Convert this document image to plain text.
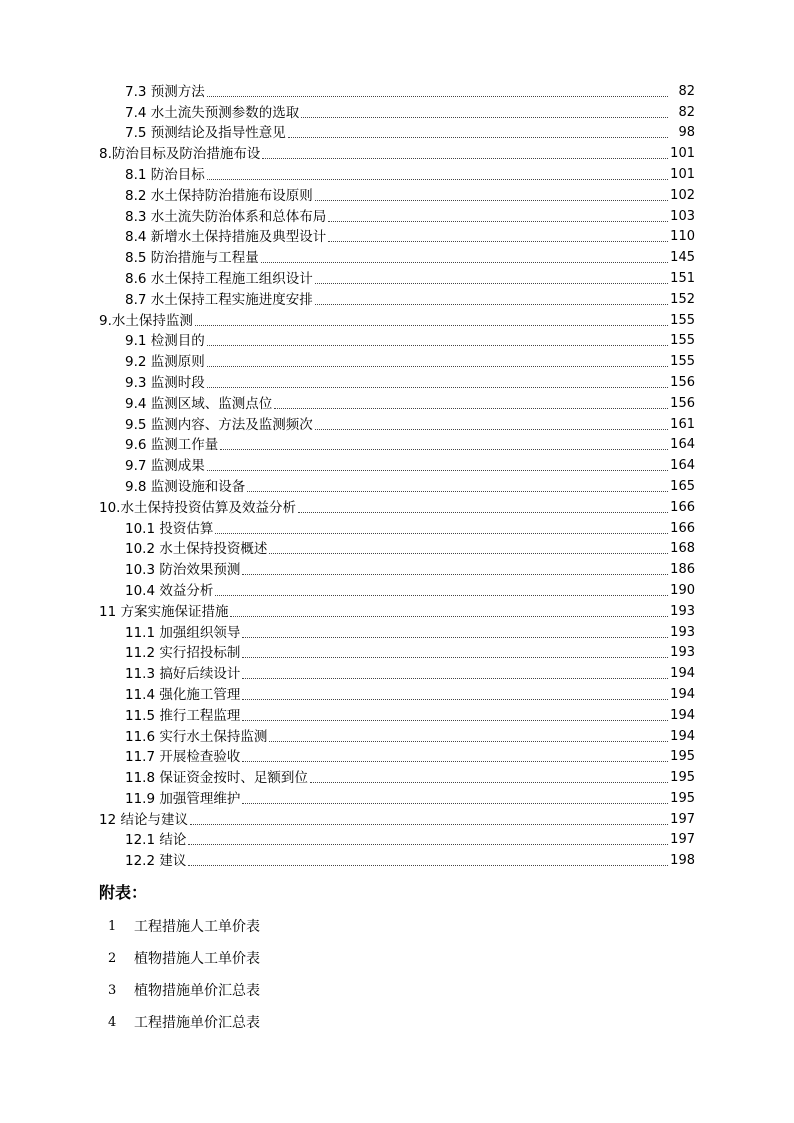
7.3 预测方法	82
7.4 水土流失预测参数的选取	82
7.5 预测结论及指导性意见	98
8.防治目标及防治措施布设	101
8.1 防治目标	101
8.2 水土保持防治措施布设原则	102
8.3 水土流失防治体系和总体布局	103
8.4 新增水土保持措施及典型设计	110
8.5 防治措施与工程量	145
8.6 水土保持工程施工组织设计	151
8.7 水土保持工程实施进度安排	152
9.水土保持监测	155
9.1 检测目的	155
9.2 监测原则	155
9.3 监测时段	156
9.4 监测区域、监测点位	156
9.5 监测内容、方法及监测频次	161
9.6 监测工作量	164
9.7 监测成果	164
9.8 监测设施和设备	165
10.水土保持投资估算及效益分析	166
10.1 投资估算	166
10.2 水土保持投资概述	168
10.3 防治效果预测	186
10.4 效益分析	190
11 方案实施保证措施	193
11.1 加强组织领导	193
11.2 实行招投标制	193
11.3 搞好后续设计	194
11.4 强化施工管理	194
11.5 推行工程监理	194
11.6 实行水土保持监测	194
11.7 开展检查验收	195
11.8 保证资金按时、足额到位	195
11.9 加强管理维护	195
12 结论与建议	197
12.1 结论	197
12.2 建议	198
附表：
1	工程措施人工单价表
2	植物措施人工单价表
3	植物措施单价汇总表
4	工程措施单价汇总表
